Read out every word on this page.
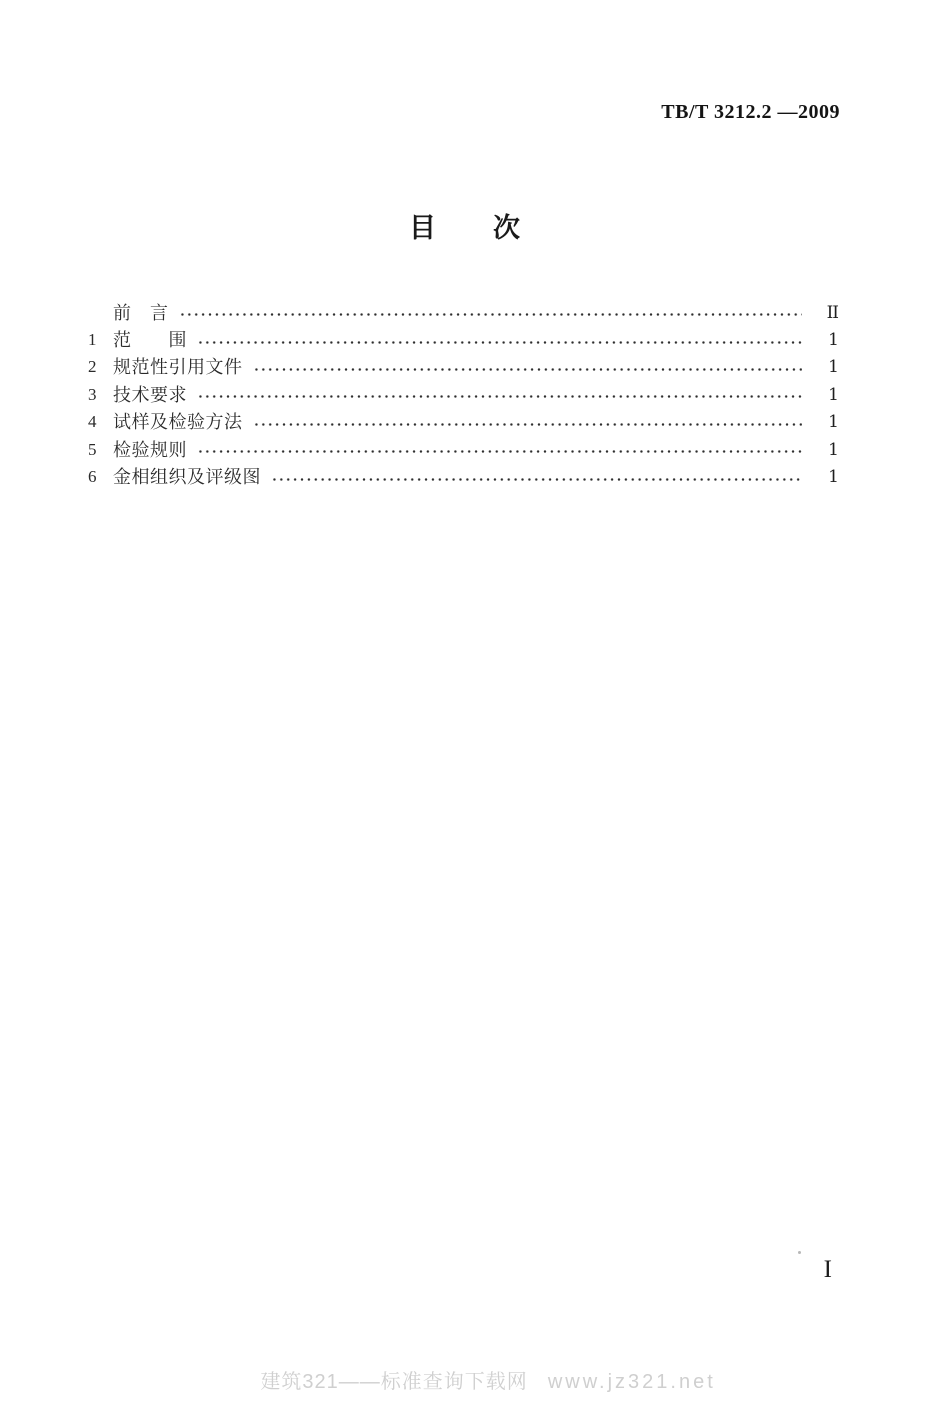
TB/T 3212.2 —2009
目　　次
前　言	II
1 范　　围	1
2 规范性引用文件	1
3 技术要求	1
4 试样及检验方法	1
5 检验规则	1
6 金相组织及评级图	1
I

建筑321——标准查询下载网 www.jz321.net
